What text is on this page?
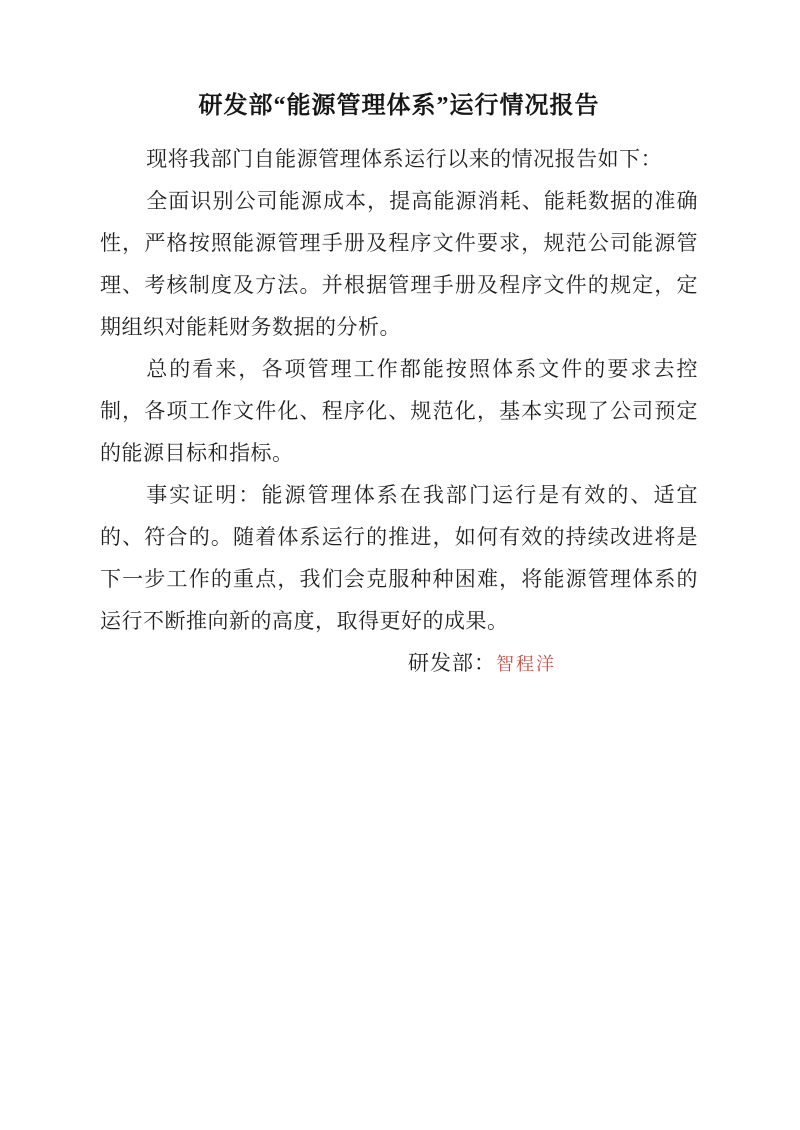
研发部“能源管理体系”运行情况报告

现将我部门自能源管理体系运行以来的情况报告如下：

全面识别公司能源成本，提高能源消耗、能耗数据的准确性，严格按照能源管理手册及程序文件要求，规范公司能源管理、考核制度及方法。并根据管理手册及程序文件的规定，定期组织对能耗财务数据的分析。

总的看来，各项管理工作都能按照体系文件的要求去控制，各项工作文件化、程序化、规范化，基本实现了公司预定的能源目标和指标。

事实证明：能源管理体系在我部门运行是有效的、适宜的、符合的。随着体系运行的推进，如何有效的持续改进将是下一步工作的重点，我们会克服种种困难，将能源管理体系的运行不断推向新的高度，取得更好的成果。

研发部：智程洋
